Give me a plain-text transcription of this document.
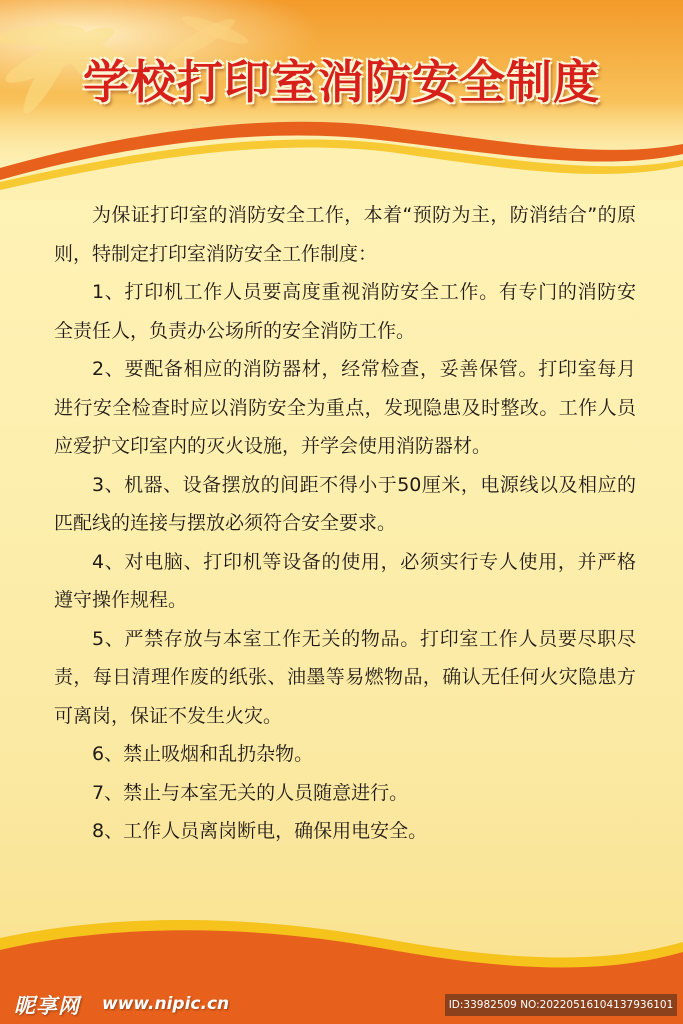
学校打印室消防安全制度

为保证打印室的消防安全工作，本着“预防为主，防消结合”的原则，特制定打印室消防安全工作制度：

1、打印机工作人员要高度重视消防安全工作。有专门的消防安全责任人，负责办公场所的安全消防工作。

2、要配备相应的消防器材，经常检查，妥善保管。打印室每月进行安全检查时应以消防安全为重点，发现隐患及时整改。工作人员应爱护文印室内的灭火设施，并学会使用消防器材。

3、机器、设备摆放的间距不得小于50厘米，电源线以及相应的匹配线的连接与摆放必须符合安全要求。

4、对电脑、打印机等设备的使用，必须实行专人使用，并严格遵守操作规程。

5、严禁存放与本室工作无关的物品。打印室工作人员要尽职尽责，每日清理作废的纸张、油墨等易燃物品，确认无任何火灾隐患方可离岗，保证不发生火灾。

6、禁止吸烟和乱扔杂物。

7、禁止与本室无关的人员随意进行。

8、工作人员离岗断电，确保用电安全。

昵享网 www.nipic.cn	ID:33982509 NO:20220516104137936101
